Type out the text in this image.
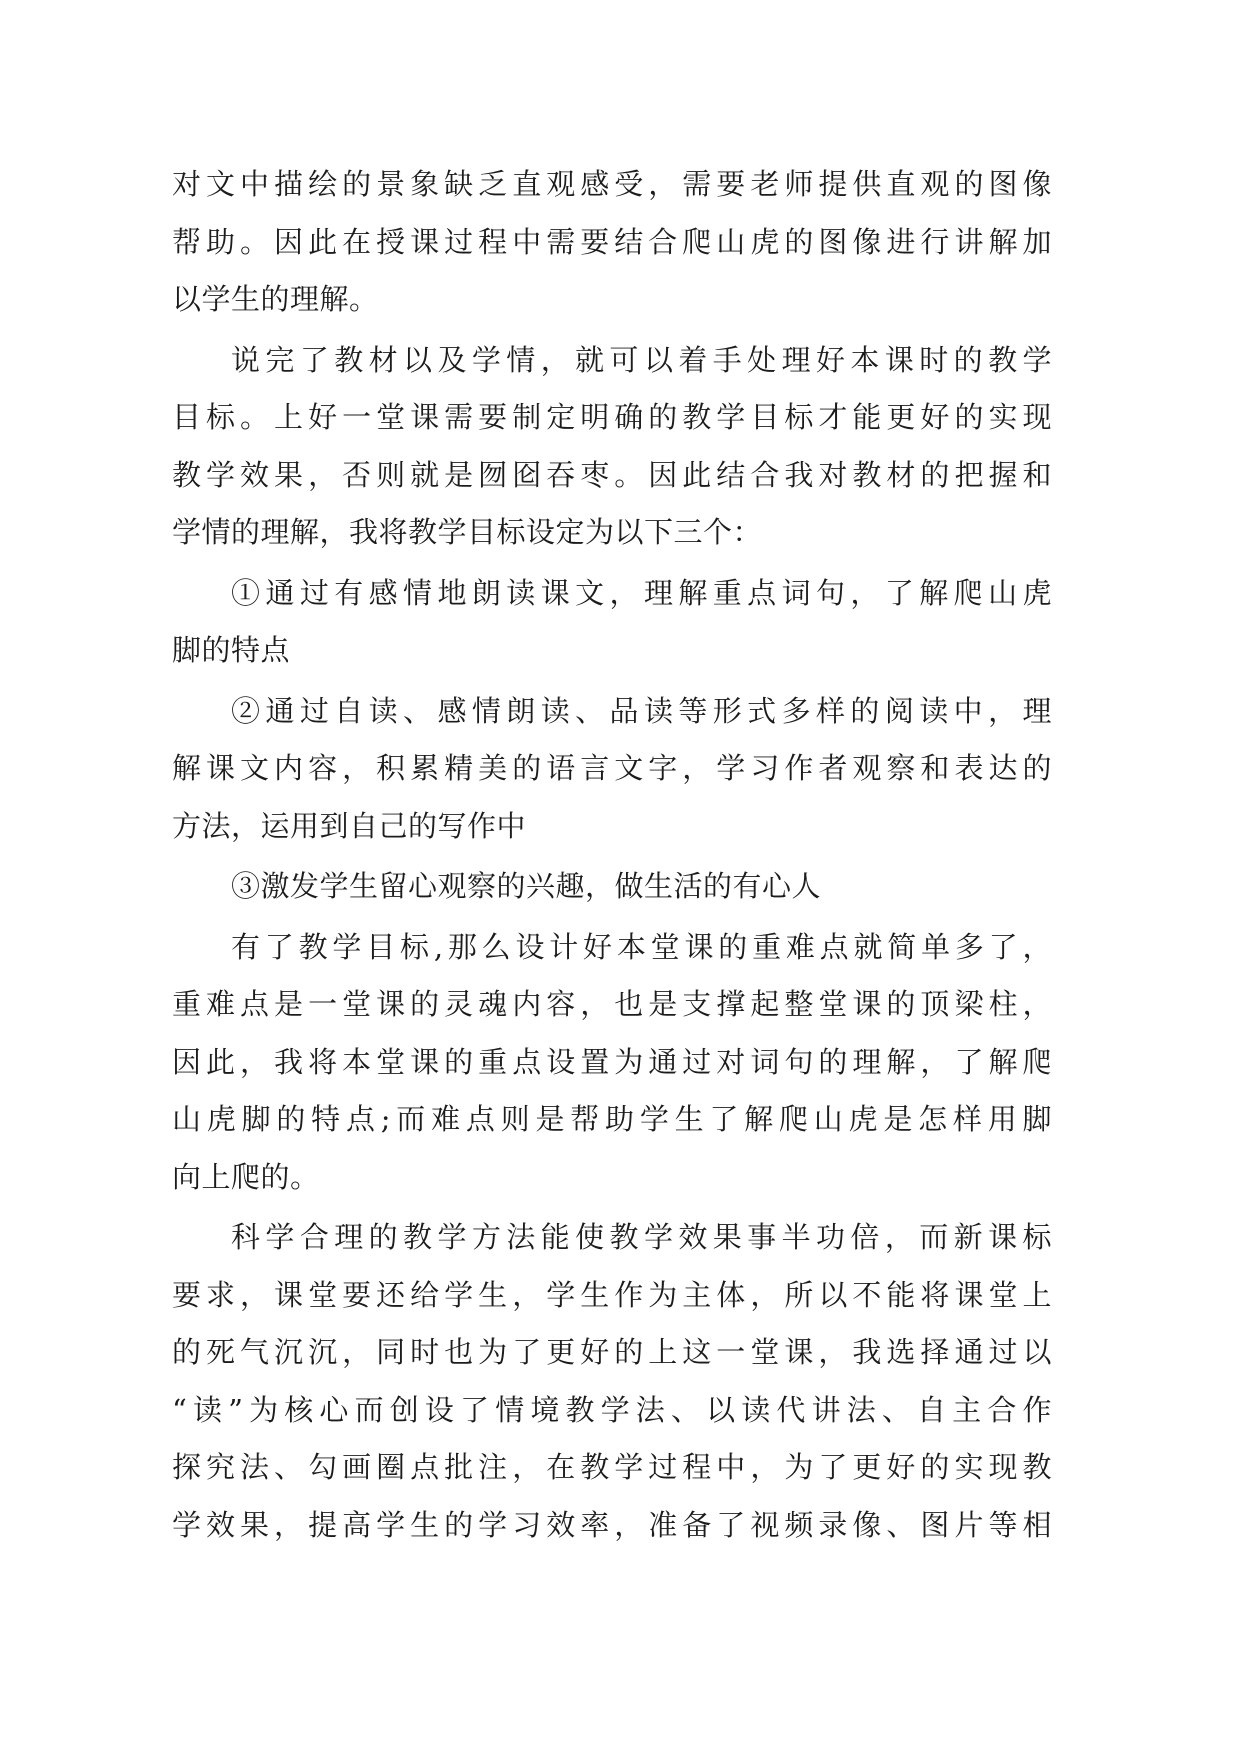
对文中描绘的景象缺乏直观感受，需要老师提供直观的图像
帮助。因此在授课过程中需要结合爬山虎的图像进行讲解加
以学生的理解。
说完了教材以及学情，就可以着手处理好本课时的教学
目标。上好一堂课需要制定明确的教学目标才能更好的实现
教学效果，否则就是囫囵吞枣。因此结合我对教材的把握和
学情的理解，我将教学目标设定为以下三个：
①通过有感情地朗读课文，理解重点词句，了解爬山虎
脚的特点
②通过自读、感情朗读、品读等形式多样的阅读中，理
解课文内容，积累精美的语言文字，学习作者观察和表达的
方法，运用到自己的写作中
③激发学生留心观察的兴趣，做生活的有心人
有了教学目标,那么设计好本堂课的重难点就简单多了，
重难点是一堂课的灵魂内容，也是支撑起整堂课的顶梁柱，
因此，我将本堂课的重点设置为通过对词句的理解，了解爬
山虎脚的特点;而难点则是帮助学生了解爬山虎是怎样用脚
向上爬的。
科学合理的教学方法能使教学效果事半功倍，而新课标
要求，课堂要还给学生，学生作为主体，所以不能将课堂上
的死气沉沉，同时也为了更好的上这一堂课，我选择通过以
“读”为核心而创设了情境教学法、以读代讲法、自主合作
探究法、勾画圈点批注，在教学过程中，为了更好的实现教
学效果，提高学生的学习效率，准备了视频录像、图片等相
